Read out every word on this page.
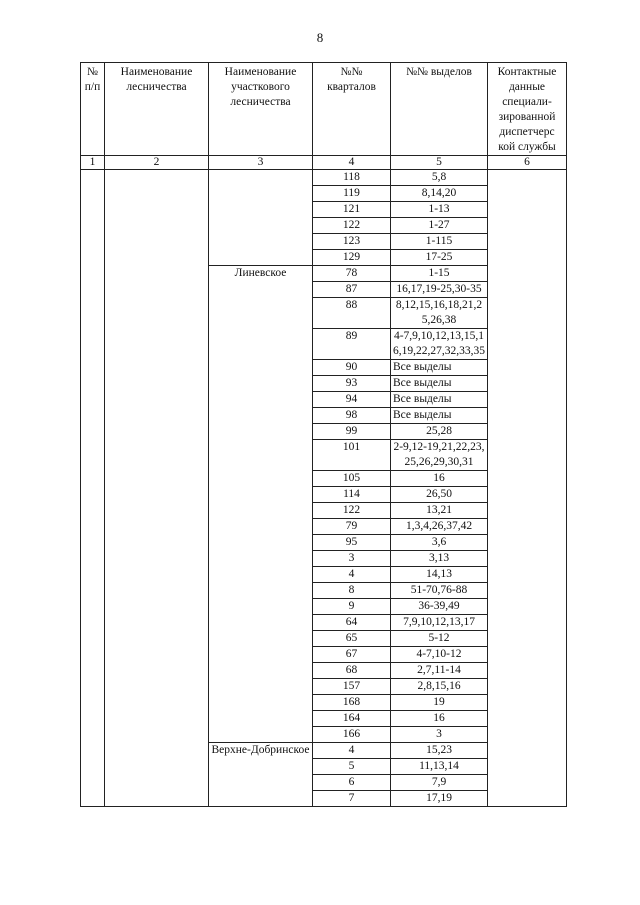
8
№ п/п	Наименование лесничества	Наименование участкового лесничества	№№ кварталов	№№ выделов	Контактные данные специали-зированной диспетчерс кой службы
1	2	3	4	5	6
			118	5,8	
			119	8,14,20	
			121	1-13	
			122	1-27	
			123	1-115	
			129	17-25	
		Линевское	78	1-15	
			87	16,17,19-25,30-35	
			88	8,12,15,16,18,21,25,26,38	
			89	4-7,9,10,12,13,15,16,19,22,27,32,33,35	
			90	Все выделы	
			93	Все выделы	
			94	Все выделы	
			98	Все выделы	
			99	25,28	
			101	2-9,12-19,21,22,23,25,26,29,30,31	
			105	16	
			114	26,50	
			122	13,21	
			79	1,3,4,26,37,42	
			95	3,6	
			3	3,13	
			4	14,13	
			8	51-70,76-88	
			9	36-39,49	
			64	7,9,10,12,13,17	
			65	5-12	
			67	4-7,10-12	
			68	2,7,11-14	
			157	2,8,15,16	
			168	19	
			164	16	
			166	3	
		Верхне-Добринское	4	15,23	
			5	11,13,14	
			6	7,9	
			7	17,19	
